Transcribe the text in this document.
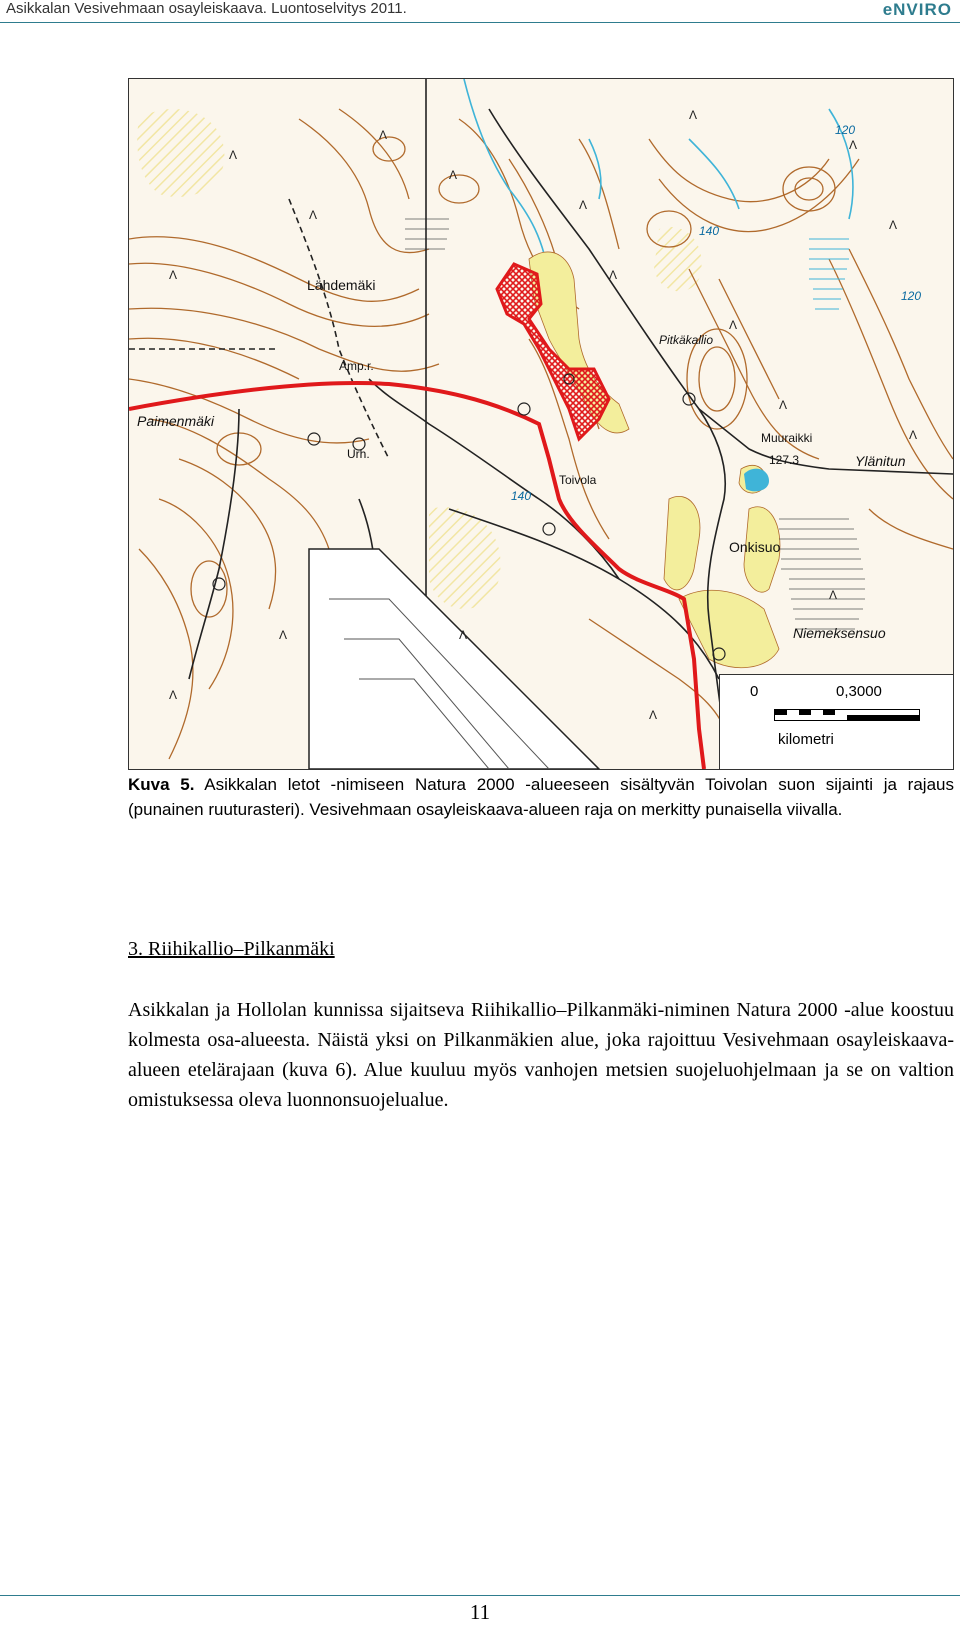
Asikkalan Vesivehmaan osayleiskaava. Luontoselvitys 2011.	eNVIRO
Λ
Λ
Λ
Λ
Λ
Λ
Λ
Λ
Λ
Λ
Λ
Λ
Λ	Λ
Λ
Λ
Λ
Λ
Lähdemäki
Amp.r.
Paimenmäki
Urh.
Toivola
Pitkäkallio
Muuraikki
Ylänitun
Onkisuo
Niemeksensuo
120
120
140
140
127.3
0	0,3000
kilometri
Kuva 5. Asikkalan letot -nimiseen Natura 2000 -alueeseen sisältyvän Toivolan suon sijainti ja rajaus (punainen ruuturasteri). Vesivehmaan osayleiskaava-alueen raja on merkitty punaisella viivalla.
3. Riihikallio–Pilkanmäki
Asikkalan ja Hollolan kunnissa sijaitseva Riihikallio–Pilkanmäki-niminen Natura 2000 -alue koostuu kolmesta osa-alueesta. Näistä yksi on Pilkanmäkien alue, joka rajoittuu Vesivehmaan osayleiskaava-alueen etelärajaan (kuva 6). Alue kuuluu myös vanhojen metsien suojeluohjelmaan ja se on valtion omistuksessa oleva luonnonsuojelualue.
11
